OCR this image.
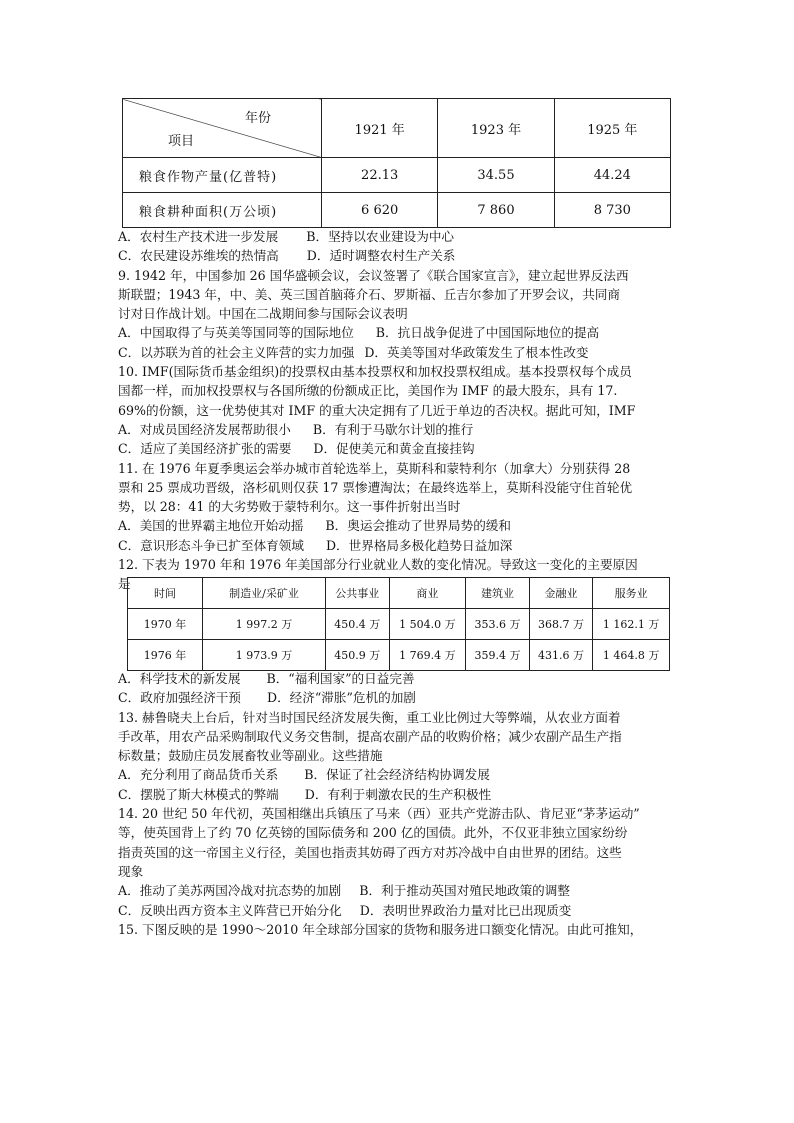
年份
项目	1921 年	1923 年	1925 年
粮食作物产量(亿普特)	22.13	34.55	44.24
粮食耕种面积(万公顷)	6 620	7 860	8 730
A．农村生产技术进一步发展 B．坚持以农业建设为中心
C．农民建设苏维埃的热情高 D．适时调整农村生产关系
9. 1942 年，中国参加 26 国华盛顿会议，会议签署了《联合国家宣言》，建立起世界反法西
斯联盟；1943 年，中、美、英三国首脑蒋介石、罗斯福、丘吉尔参加了开罗会议，共同商
讨对日作战计划。中国在二战期间参与国际会议表明
A．中国取得了与英美等国同等的国际地位 B．抗日战争促进了中国国际地位的提高
C．以苏联为首的社会主义阵营的实力加强 D．英美等国对华政策发生了根本性改变
10. IMF(国际货币基金组织)的投票权由基本投票权和加权投票权组成。基本投票权每个成员
国都一样，而加权投票权与各国所缴的份额成正比，美国作为 IMF 的最大股东，具有 17.
69%的份额，这一优势使其对 IMF 的重大决定拥有了几近于单边的否决权。据此可知，IMF
A．对成员国经济发展帮助很小 B．有利于马歇尔计划的推行
C．适应了美国经济扩张的需要 D．促使美元和黄金直接挂钩
11. 在 1976 年夏季奥运会举办城市首轮选举上，莫斯科和蒙特利尔（加拿大）分别获得 28
票和 25 票成功晋级，洛杉矶则仅获 17 票惨遭淘汰；在最终选举上，莫斯科没能守住首轮优
势，以 28：41 的大劣势败于蒙特利尔。这一事件折射出当时
A．美国的世界霸主地位开始动摇 B．奥运会推动了世界局势的缓和
C．意识形态斗争已扩至体育领域 D．世界格局多极化趋势日益加深
12. 下表为 1970 年和 1976 年美国部分行业就业人数的变化情况。导致这一变化的主要原因
是
时间	制造业/采矿业	公共事业	商业	建筑业	金融业	服务业
1970 年	1 997.2 万	450.4 万	1 504.0 万	353.6 万	368.7 万	1 162.1 万
1976 年	1 973.9 万	450.9 万	1 769.4 万	359.4 万	431.6 万	1 464.8 万
A．科学技术的新发展 B．“福利国家”的日益完善
C．政府加强经济干预 D．经济“滞胀”危机的加剧
13. 赫鲁晓夫上台后，针对当时国民经济发展失衡，重工业比例过大等弊端，从农业方面着
手改革，用农产品采购制取代义务交售制，提高农副产品的收购价格；减少农副产品生产指
标数量；鼓励庄员发展畜牧业等副业。这些措施
A．充分利用了商品货币关系 B．保证了社会经济结构协调发展
C．摆脱了斯大林模式的弊端 D．有利于刺激农民的生产积极性
14. 20 世纪 50 年代初，英国相继出兵镇压了马来（西）亚共产党游击队、肯尼亚“茅茅运动”
等，使英国背上了约 70 亿英镑的国际债务和 200 亿的国债。此外，不仅亚非独立国家纷纷
指责英国的这一帝国主义行径，美国也指责其妨碍了西方对苏冷战中自由世界的团结。这些
现象
A．推动了美苏两国冷战对抗态势的加剧 B．利于推动英国对殖民地政策的调整
C．反映出西方资本主义阵营已开始分化 D．表明世界政治力量对比已出现质变
15. 下图反映的是 1990～2010 年全球部分国家的货物和服务进口额变化情况。由此可推知，
